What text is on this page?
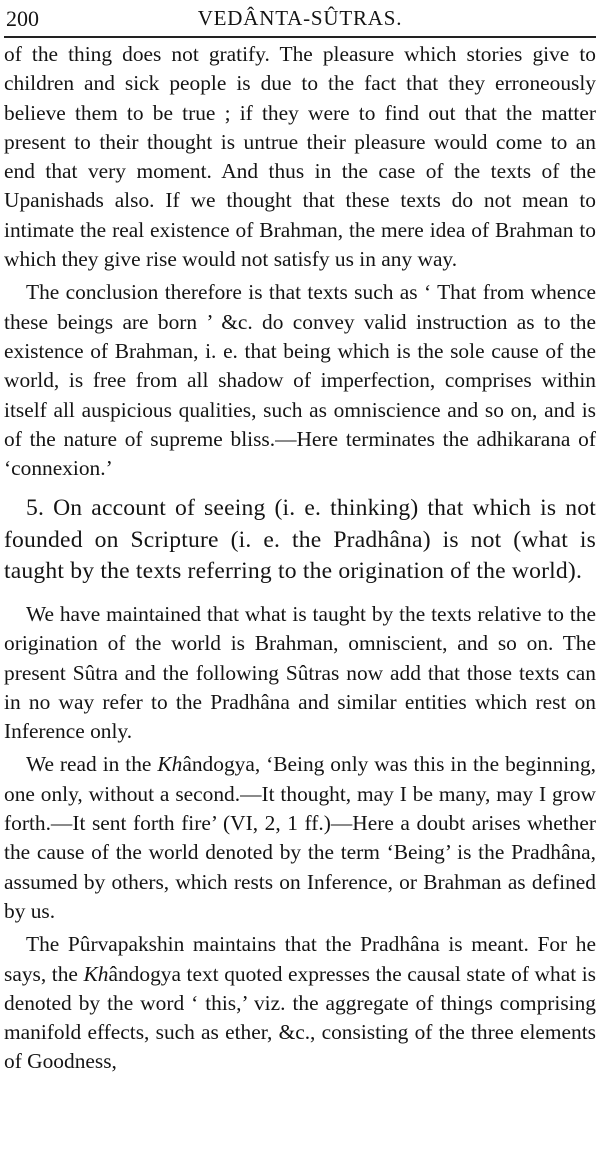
200	VEDÂNTA-SÛTRAS.

of the thing does not gratify. The pleasure which stories give to children and sick people is due to the fact that they erroneously believe them to be true ; if they were to find out that the matter present to their thought is untrue their pleasure would come to an end that very moment. And thus in the case of the texts of the Upanishads also. If we thought that these texts do not mean to intimate the real existence of Brahman, the mere idea of Brahman to which they give rise would not satisfy us in any way.

The conclusion therefore is that texts such as ‘ That from whence these beings are born ’ &c. do convey valid instruction as to the existence of Brahman, i. e. that being which is the sole cause of the world, is free from all shadow of imperfection, comprises within itself all auspicious qualities, such as omniscience and so on, and is of the nature of supreme bliss.—Here terminates the adhikarana of ‘connexion.’

5. On account of seeing (i. e. thinking) that which is not founded on Scripture (i. e. the Pradhâna) is not (what is taught by the texts referring to the origination of the world).

We have maintained that what is taught by the texts relative to the origination of the world is Brahman, omniscient, and so on. The present Sûtra and the following Sûtras now add that those texts can in no way refer to the Pradhâna and similar entities which rest on Inference only.

We read in the Khândogya, ‘Being only was this in the beginning, one only, without a second.—It thought, may I be many, may I grow forth.—It sent forth fire’ (VI, 2, 1 ff.)—Here a doubt arises whether the cause of the world denoted by the term ‘Being’ is the Pradhâna, assumed by others, which rests on Inference, or Brahman as defined by us.

The Pûrvapakshin maintains that the Pradhâna is meant. For he says, the Khândogya text quoted expresses the causal state of what is denoted by the word ‘ this,’ viz. the aggregate of things comprising manifold effects, such as ether, &c., consisting of the three elements of Goodness,
